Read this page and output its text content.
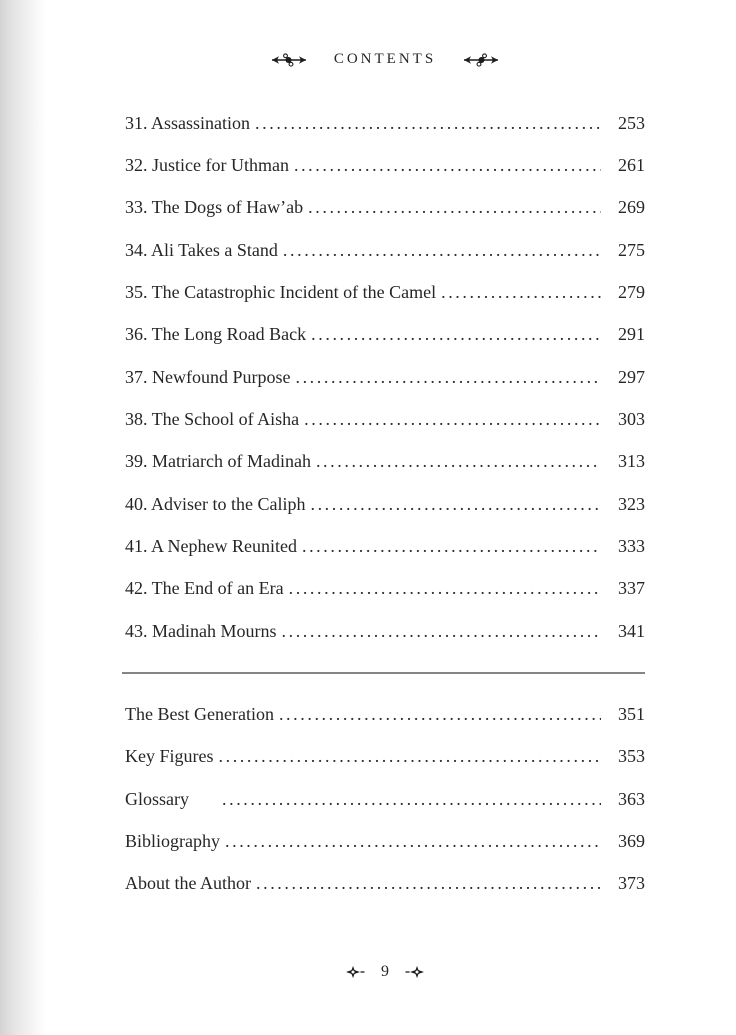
CONTENTS
31. Assassination .....	253
32. Justice for Uthman .....	261
33. The Dogs of Haw’ab .....	269
34. Ali Takes a Stand .....	275
35. The Catastrophic Incident of the Camel .....	279
36. The Long Road Back .....	291
37. Newfound Purpose .....	297
38. The School of Aisha .....	303
39. Matriarch of Madinah .....	313
40. Adviser to the Caliph .....	323
41. A Nephew Reunited .....	333
42. The End of an Era .....	337
43. Madinah Mourns .....	341
The Best Generation .....	351
Key Figures .....	353
Glossary .....	363
Bibliography .....	369
About the Author .....	373
9
